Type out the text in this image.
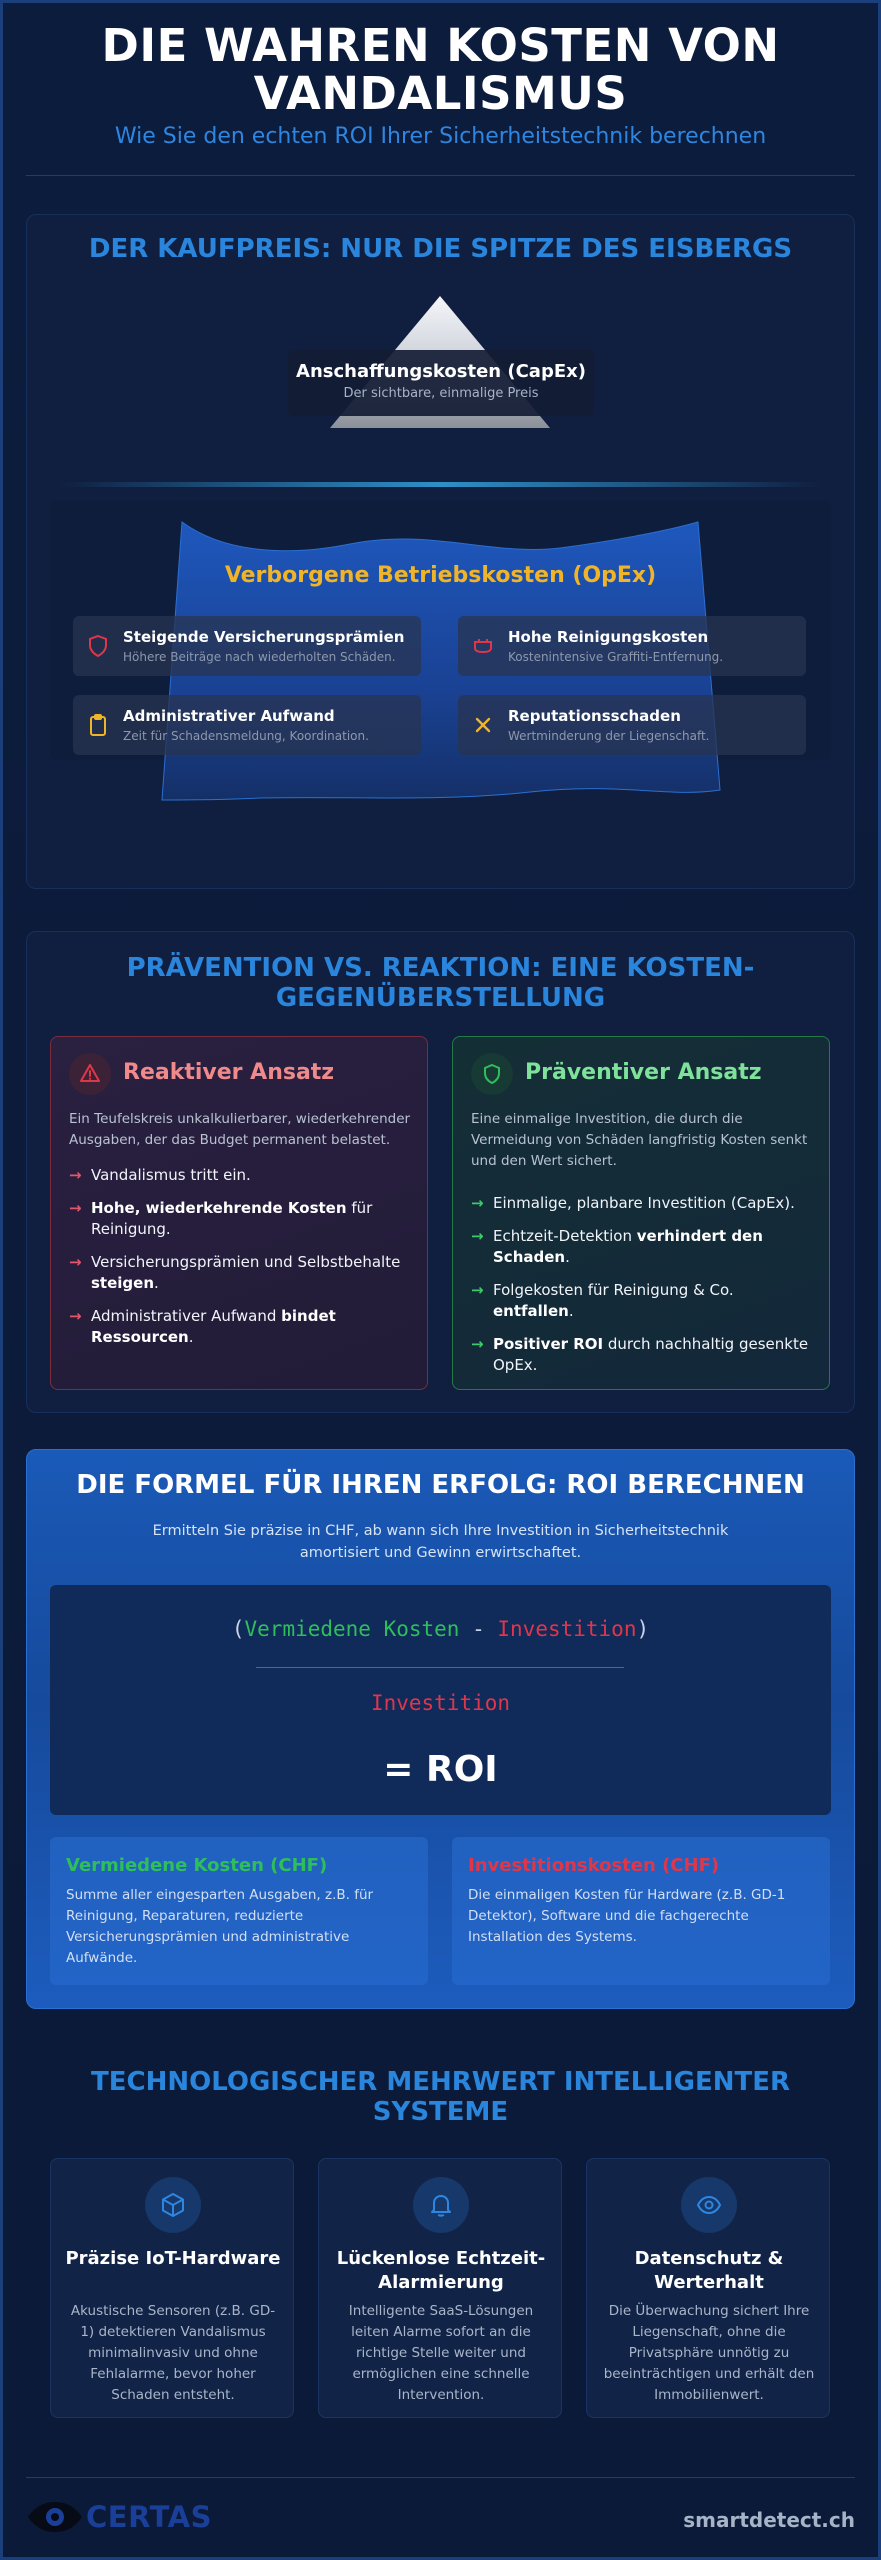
DIE WAHREN KOSTEN VON VANDALISMUS
Wie Sie den echten ROI Ihrer Sicherheitstechnik berechnen
DER KAUFPREIS: NUR DIE SPITZE DES EISBERGS
Anschaffungskosten (CapEx)
Der sichtbare, einmalige Preis
Verborgene Betriebskosten (OpEx)
Steigende Versicherungsprämien
Höhere Beiträge nach wiederholten Schäden.
Hohe Reinigungskosten
Kostenintensive Graffiti-Entfernung.
Administrativer Aufwand
Zeit für Schadensmeldung, Koordination.
Reputationsschaden
Wertminderung der Liegenschaft.
PRÄVENTION VS. REAKTION: EINE KOSTEN-GEGENÜBERSTELLUNG
Reaktiver Ansatz
Ein Teufelskreis unkalkulierbarer, wiederkehrender Ausgaben, der das Budget permanent belastet.
→ Vandalismus tritt ein.
→ Hohe, wiederkehrende Kosten für Reinigung.
→ Versicherungsprämien und Selbstbehalte steigen.
→ Administrativer Aufwand bindet Ressourcen.
Präventiver Ansatz
Eine einmalige Investition, die durch die Vermeidung von Schäden langfristig Kosten senkt und den Wert sichert.
→ Einmalige, planbare Investition (CapEx).
→ Echtzeit-Detektion verhindert den Schaden.
→ Folgekosten für Reinigung & Co. entfallen.
→ Positiver ROI durch nachhaltig gesenkte OpEx.
DIE FORMEL FÜR IHREN ERFOLG: ROI BERECHNEN
Ermitteln Sie präzise in CHF, ab wann sich Ihre Investition in Sicherheitstechnik amortisiert und Gewinn erwirtschaftet.
(Vermiedene Kosten - Investition)
Investition
= ROI
Vermiedene Kosten (CHF)
Summe aller eingesparten Ausgaben, z.B. für Reinigung, Reparaturen, reduzierte Versicherungsprämien und administrative Aufwände.
Investitionskosten (CHF)
Die einmaligen Kosten für Hardware (z.B. GD-1 Detektor), Software und die fachgerechte Installation des Systems.
TECHNOLOGISCHER MEHRWERT INTELLIGENTER SYSTEME
Präzise IoT-Hardware
Akustische Sensoren (z.B. GD-1) detektieren Vandalismus minimalinvasiv und ohne Fehlalarme, bevor hoher Schaden entsteht.
Lückenlose Echtzeit-Alarmierung
Intelligente SaaS-Lösungen leiten Alarme sofort an die richtige Stelle weiter und ermöglichen eine schnelle Intervention.
Datenschutz & Werterhalt
Die Überwachung sichert Ihre Liegenschaft, ohne die Privatsphäre unnötig zu beeinträchtigen und erhält den Immobilienwert.
CERTAS	smartdetect.ch
